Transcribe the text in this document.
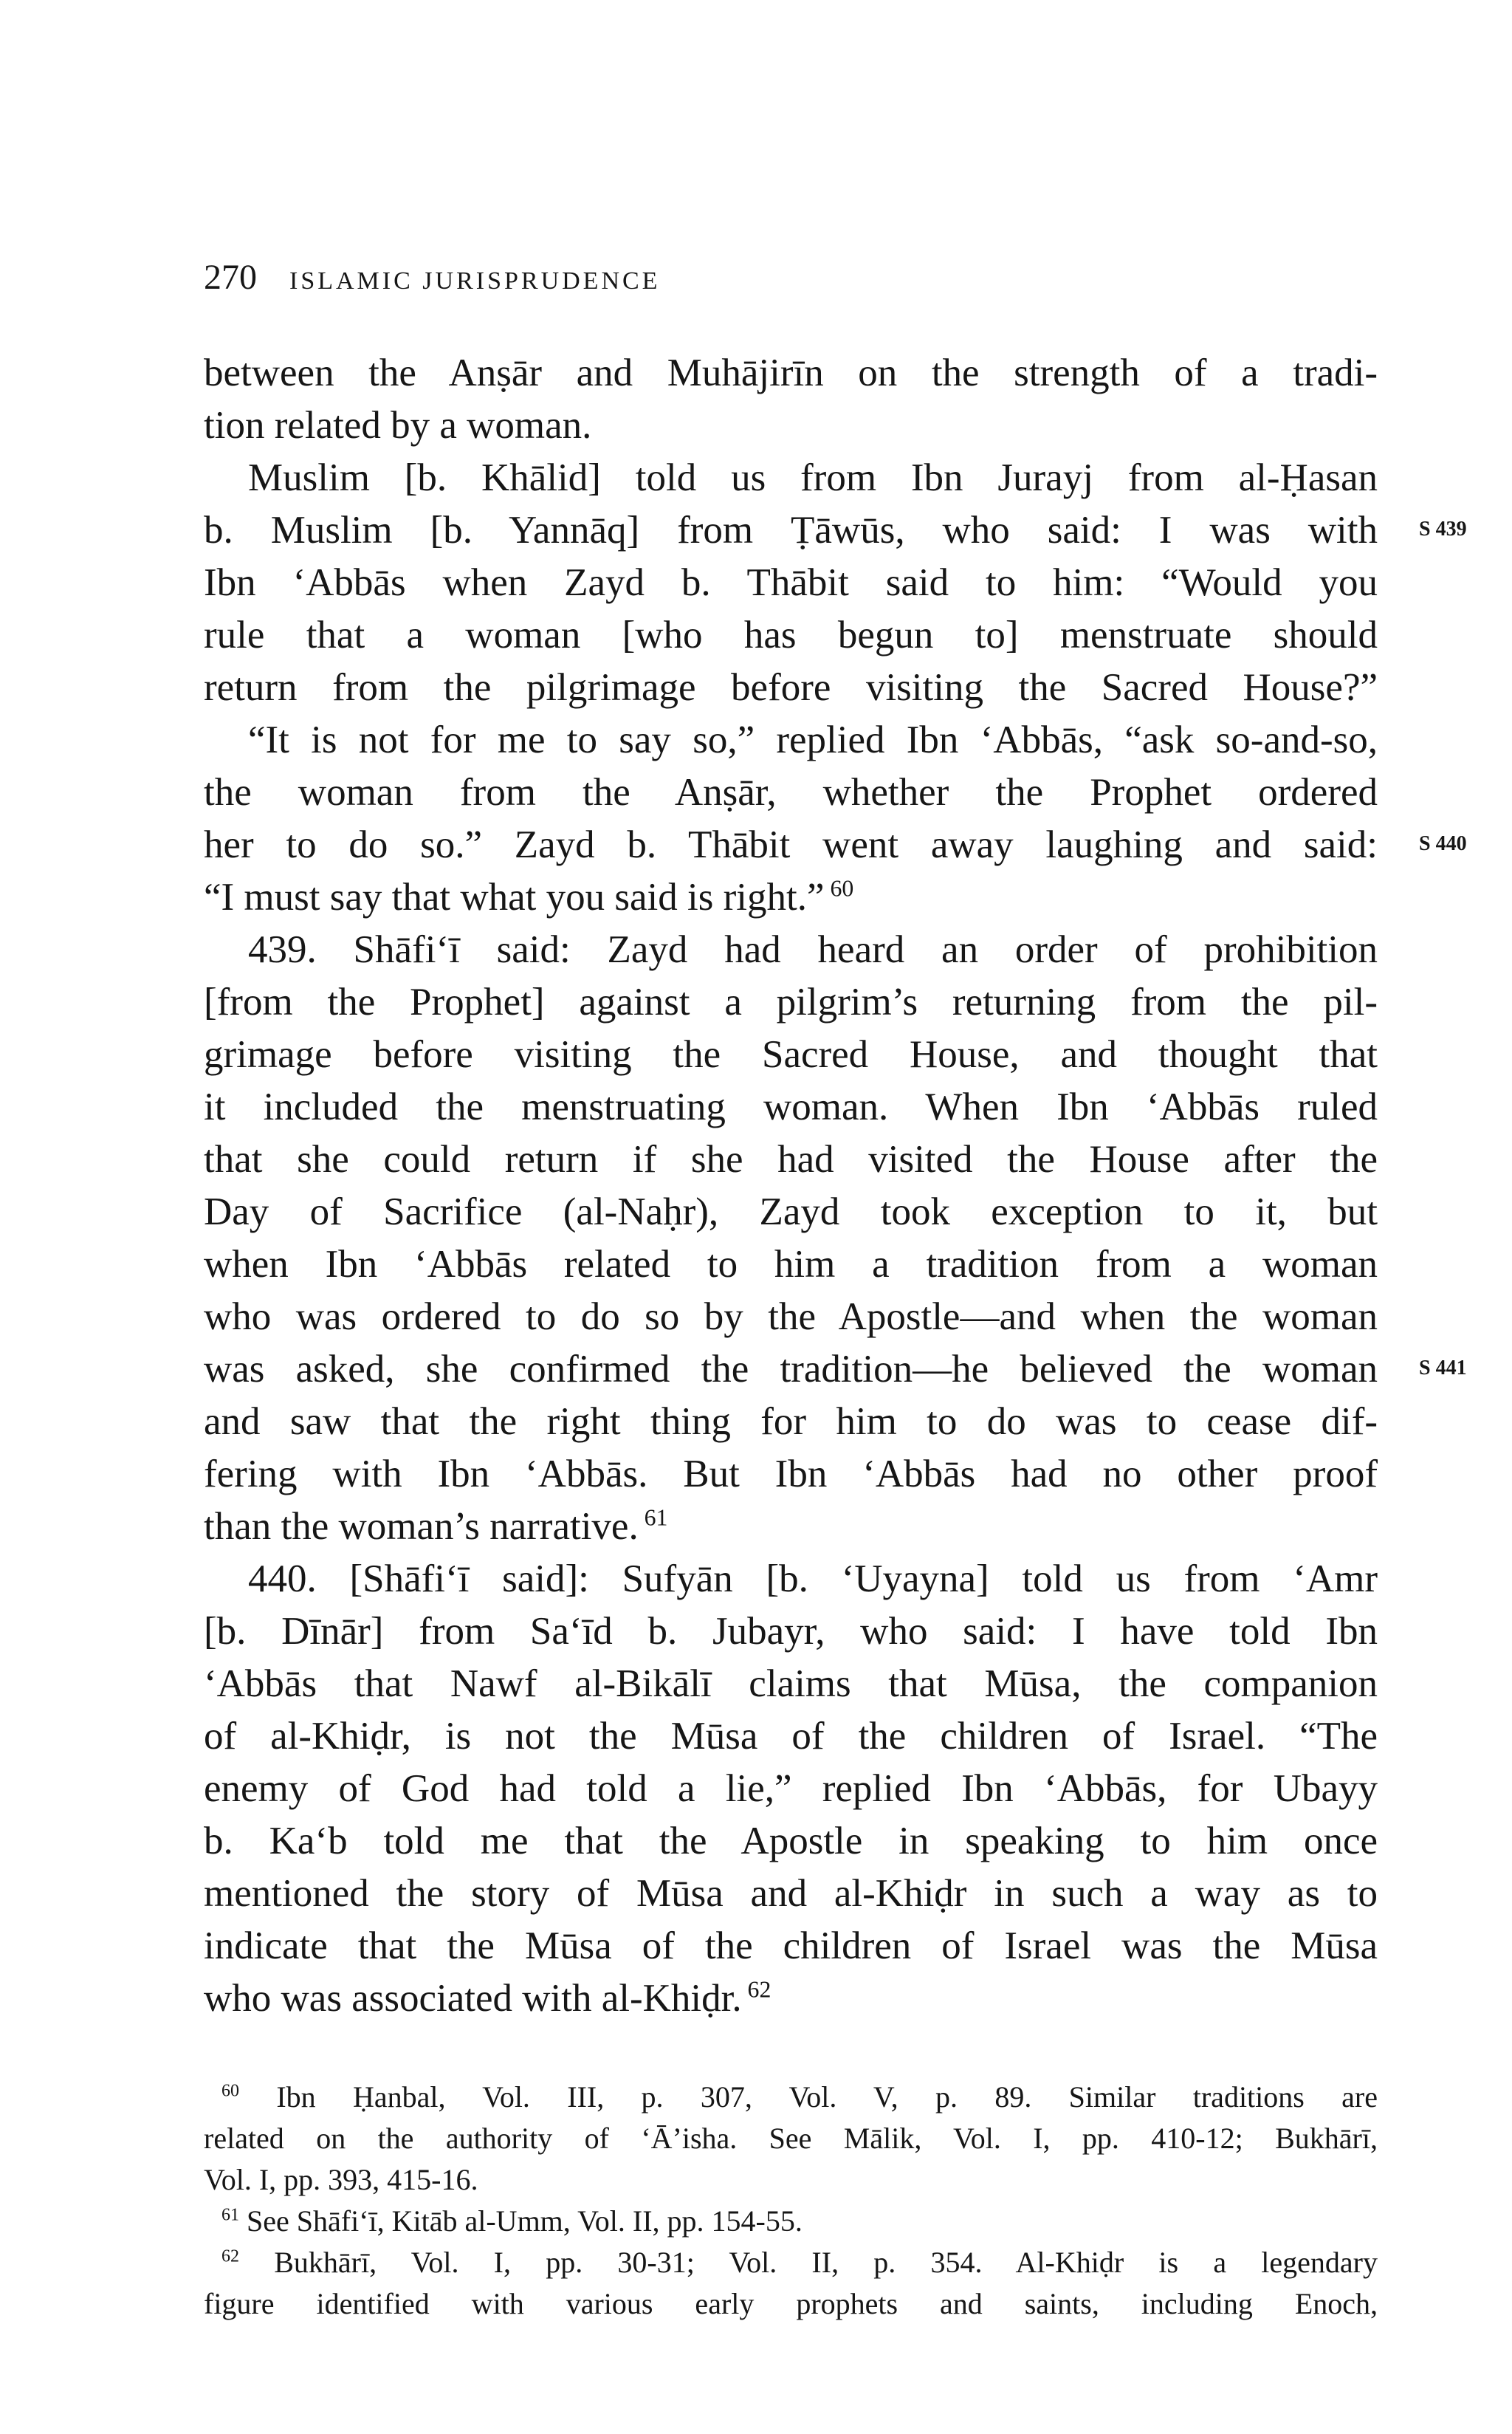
270 ISLAMIC JURISPRUDENCE
between the Anṣār and Muhājirīn on the strength of a tradi-
tion related by a woman.
Muslim [b. Khālid] told us from Ibn Jurayj from al-Ḥasan
b. Muslim [b. Yannāq] from Ṭāwūs, who said: I was with
Ibn ‘Abbās when Zayd b. Thābit said to him: “Would you
rule that a woman [who has begun to] menstruate should
return from the pilgrimage before visiting the Sacred House?”
“It is not for me to say so,” replied Ibn ‘Abbās, “ask so-and-so,
the woman from the Anṣār, whether the Prophet ordered
her to do so.” Zayd b. Thābit went away laughing and said:
“I must say that what you said is right.” $^{60}$
439. Shāfi‘ī said: Zayd had heard an order of prohibition
[from the Prophet] against a pilgrim’s returning from the pil-
grimage before visiting the Sacred House, and thought that
it included the menstruating woman. When Ibn ‘Abbās ruled
that she could return if she had visited the House after the
Day of Sacrifice (al-Naḥr), Zayd took exception to it, but
when Ibn ‘Abbās related to him a tradition from a woman
who was ordered to do so by the Apostle—and when the woman
was asked, she confirmed the tradition—he believed the woman
and saw that the right thing for him to do was to cease dif-
fering with Ibn ‘Abbās. But Ibn ‘Abbās had no other proof
than the woman’s narrative. $^{61}$
440. [Shāfi‘ī said]: Sufyān [b. ‘Uyayna] told us from ‘Amr
[b. Dīnār] from Sa‘īd b. Jubayr, who said: I have told Ibn
‘Abbās that Nawf al-Bikālī claims that Mūsa, the companion
of al-Khiḍr, is not the Mūsa of the children of Israel. “The
enemy of God had told a lie,” replied Ibn ‘Abbās, for Ubayy
b. Ka‘b told me that the Apostle in speaking to him once
mentioned the story of Mūsa and al-Khiḍr in such a way as to
indicate that the Mūsa of the children of Israel was the Mūsa
who was associated with al-Khiḍr. $^{62}$
S 439
S 440
S 441
$^{60}$ Ibn Ḥanbal, Vol. III, p. 307, Vol. V, p. 89. Similar traditions are
related on the authority of ‘Ā’isha. See Mālik, Vol. I, pp. 410-12; Bukhārī,
Vol. I, pp. 393, 415-16.
$^{61}$ See Shāfi‘ī, Kitāb al-Umm, Vol. II, pp. 154-55.
$^{62}$ Bukhārī, Vol. I, pp. 30-31; Vol. II, p. 354. Al-Khiḍr is a legendary
figure identified with various early prophets and saints, including Enoch,
